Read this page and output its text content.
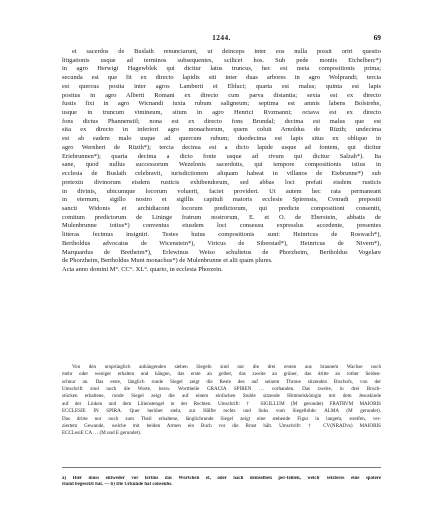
1244.	69

et sacerdos de Buslath renunciarunt, ut deinceps inter eos nulla possit oriri questio
litigationis usque ad terminos subsequentes, scilicet hos. Sub pede montis Eichelberc*)
in agro Herwigi Hagewblek qui dicitur latus truncus, hec est meta compositionis prima;
secunda est que fit ex directo lapidis siti inter duas arbores in agro Wolprandi; tercia
est quercus posita inter agros Lamberti et Ebluci; quarta est malus; quinta est lapis
positus in agro Alberti Romani ex directo cum parva distantia; sexta est ex directo
fustis fixi in agro Wicnandi iuxta rubum saligneum; septima est amnis labens Bolstrehe,
usque in truncum vimineum, situm in agro Henrici Rvzmanni; octava est ex directo
fons dictus Phannenstil; nona est ex directo fons Brundal; decima est malus que est
sita ex directo in inferiori agro monachorum, quem coluit Arnoldus de Rüzth; undecima
est ab eadem malo usque ad quercum rubum; duodecima est lapis situs ex obliquo in
agro Wernheri de Rüzth*); tercia decima est a dicto lapide usque ad fontem, qui dicitur
Eriebrunnen*); quarta decima a dicto fonte usque ad rivum qui dicitur Salzah*). Ita
sane, quod nullus successorum Wezelonis sacerdotis, qui tempore compositionis istius in
ecclesia de Buslath celebravit, iurisdictionem aliquam habeat in villanos de Eiebrunne*) sub
pretextu divinorum eisdem rusticis exhibendorum, sed abbas loci prefati eisdem rusticis
in divinis, ubicumque locorum voluerit, faciet providert. Ut autem hec rata permaneant
in eternum, sigillo nostro et sigillis capituli maioris ecclesie Spirensis, Cvnradi prepositi
sancti Widonis et archidiaconi locorum predictorum, qui predicte compositioni consentit,
comitum predictorum de Liningе fratrum nostrorum, E. et O. de Eberstein, abbatis de
Mulenbrunne totius*) conventus eiusdem loci conseusu expresslus accedente, presentes
litteras fecimus insigniri. Testes huius compositionis sunt: Heinricus de Roswach*),
Bertholdus advocatus de Wicenstein*), Viricus de Siberstad*), Heinricus de Nivern*),
Marquardus de Bretheim*), Erlewinus Weiso schultetus de Phorzheim, Bertholdus Vogelare
de Phorzheim, Bertholdus Munt monachus*) de Mulenbrunne et alii quam plures.
Acta anno domini M°. CC°. XL°. quarto, in ecclesia Phorzein.

Von den ursprünglich anhängenden sieben Siegeln sind nur die drei ersten aus braunem Wachse noch
mehr oder weniger erhalten und hängen, das erste an gelber, das zweite an grüner, das dritte an rother Seiden-
schnur an. Das erste, länglich runde Siegel zeigt die Reste des auf seinem Throne sitzenden Bischofs, von der
Umschrift sind noch die Worte, bezw. Worttheile GRACIA SPIREN … vorhanden. Das zweite, in drei Bruch-
stücken erhaltene, runde Siegel zeigt die auf einem einfachen Stuhle sitzende Himmelskönigin mit dem Jesuskinde
auf der Linken und dem Lilienstengel in der Rechten. Umschrift: † SIGILLUM (M gerundet) FRATRVM MAIORIS
ECCLESIE IN SPIRA. Quer herüber steht, zur Hälfte rechts und links vom Siegelbilde: ALMA (M gerundet).
Das dritte nur noch zum Theil erhaltene, länglichrunde Siegel zeigt eine stehende Figur in langem, streifen, ver-
ziertem Gewande, welche mit beiden Armen ein Buch vor die Brust hält. Umschrift: † CV(NRADvs) MAIORIS
ECCLesiE CA … (M und E gerundet).

a) Hier muss entweder vor tertius das Wörtchen et, oder nach demselben per-fehlen, welch' letzteres eine spätere
Hand begesetzt hat. — b) Die Urkunde hat conseuhs.
